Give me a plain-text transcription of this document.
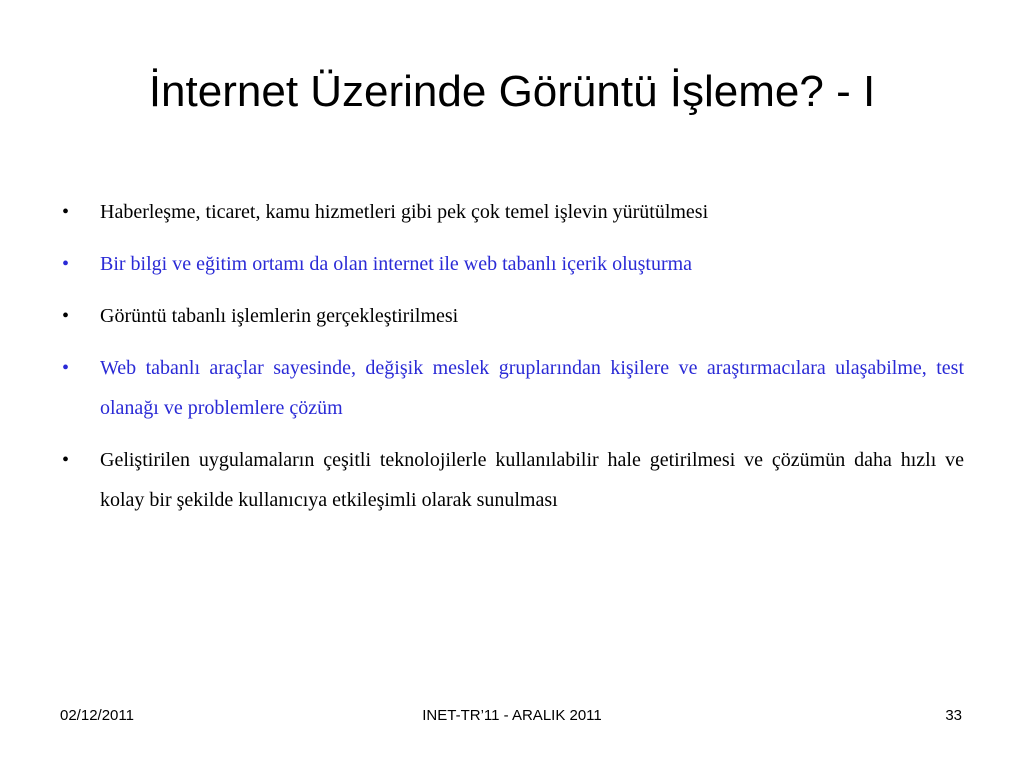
İnternet Üzerinde Görüntü İşleme? - I
•	Haberleşme, ticaret, kamu hizmetleri gibi pek çok temel işlevin yürütülmesi
•	Bir bilgi ve eğitim ortamı da olan internet ile web tabanlı içerik oluşturma
•	Görüntü tabanlı işlemlerin gerçekleştirilmesi
•	Web tabanlı araçlar sayesinde, değişik meslek gruplarından kişilere ve araştırmacılara ulaşabilme, test olanağı ve problemlere çözüm
•	Geliştirilen uygulamaların çeşitli teknolojilerle kullanılabilir hale getirilmesi ve çözümün daha hızlı ve kolay bir şekilde kullanıcıya etkileşimli olarak sunulması
02/12/2011	INET-TR’11 - ARALIK 2011	33
